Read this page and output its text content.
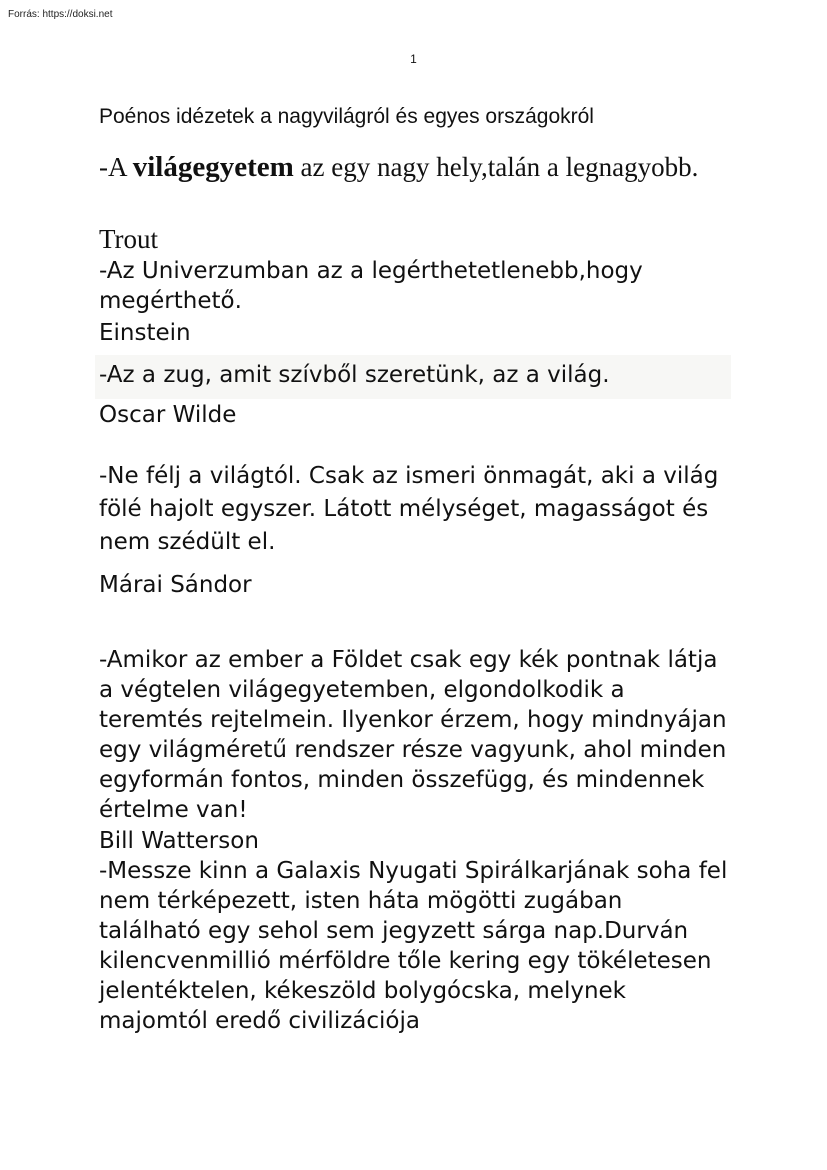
Forrás: https://doksi.net
1
Poénos idézetek a nagyvilágról és egyes országokról
-A világegyetem az egy nagy hely,talán a legnagyobb.
Trout
-Az Univerzumban az a legérthetetlenebb,hogy megérthető.
Einstein
-Az a zug, amit szívből szeretünk, az a világ.
Oscar Wilde
-Ne félj a világtól. Csak az ismeri önmagát, aki a világ fölé hajolt egyszer. Látott mélységet, magasságot és nem szédült el.
Márai Sándor
-Amikor az ember a Földet csak egy kék pontnak látja a végtelen világegyetemben, elgondolkodik a teremtés rejtelmein. Ilyenkor érzem, hogy mindnyájan egy világméretű rendszer része vagyunk, ahol minden egyformán fontos, minden összefügg, és mindennek értelme van!
Bill Watterson
-Messze kinn a Galaxis Nyugati Spirálkarjának soha fel nem térképezett, isten háta mögötti zugában található egy sehol sem jegyzett sárga nap.Durván kilencvenmillió mérföldre tőle kering egy tökéletesen jelentéktelen, kékeszöld bolygócska, melynek majomtól eredő civilizációja
